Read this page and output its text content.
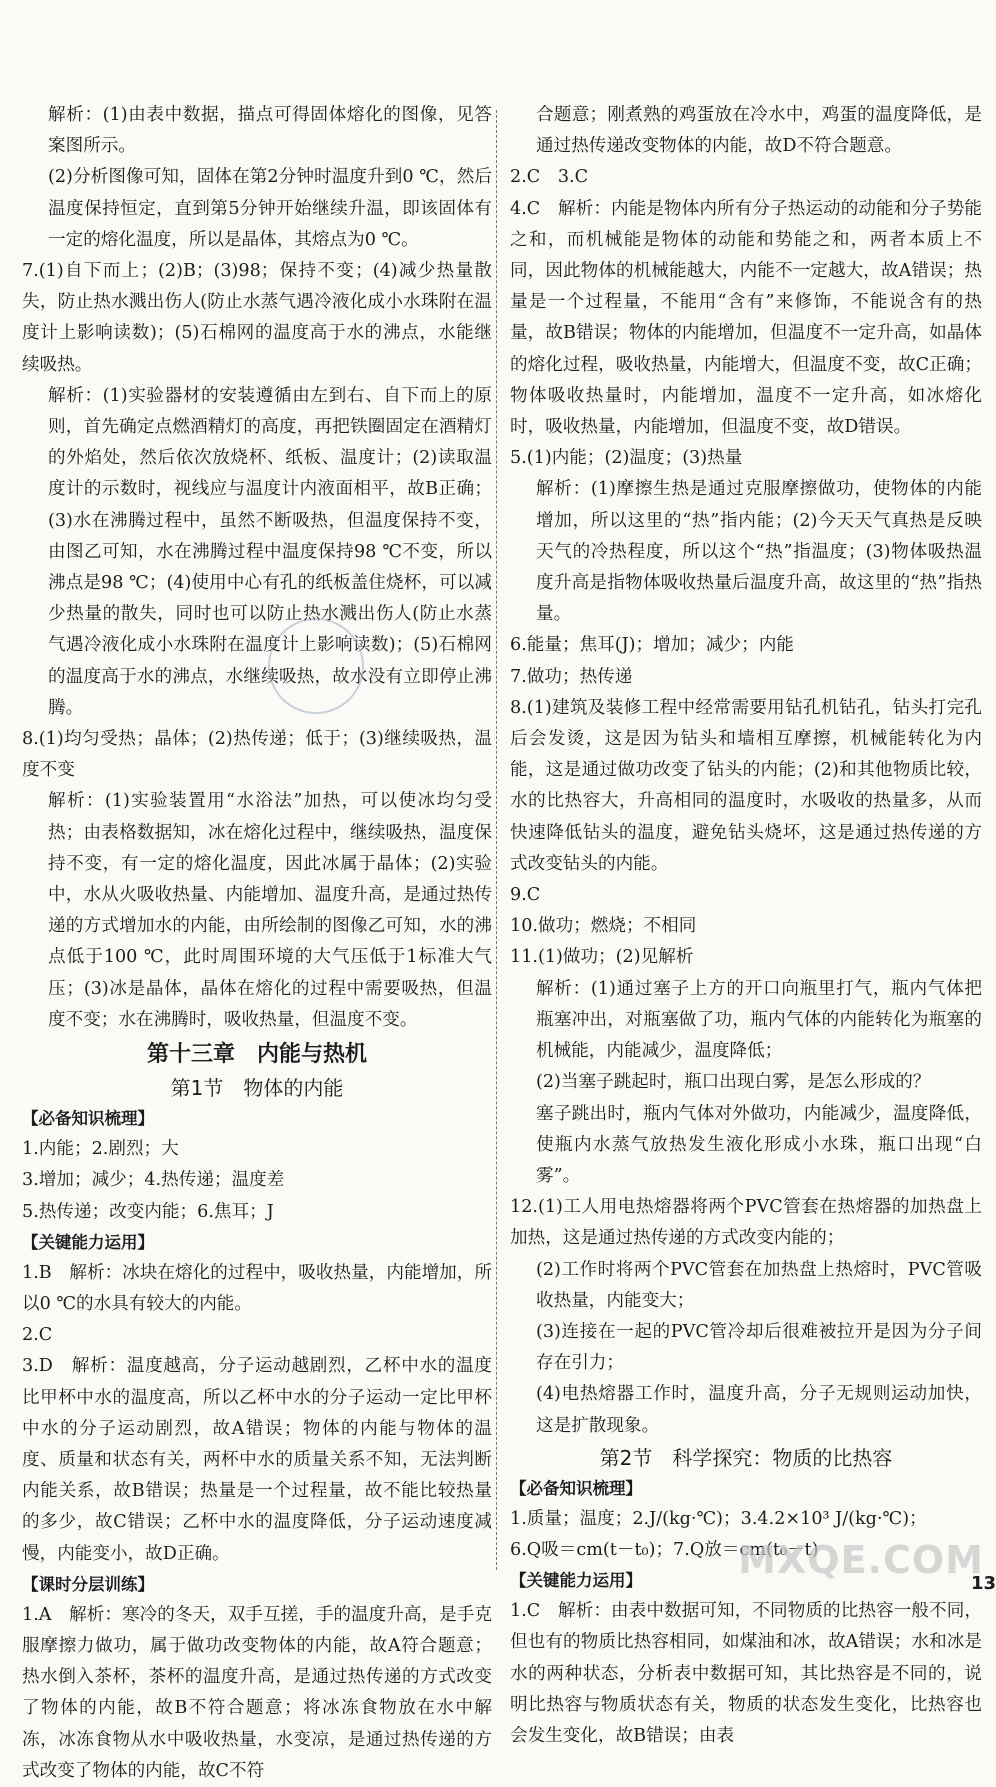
解析：(1)由表中数据，描点可得固体熔化的图像，见答案图所示。
(2)分析图像可知，固体在第2分钟时温度升到0 ℃，然后温度保持恒定，直到第5分钟开始继续升温，即该固体有一定的熔化温度，所以是晶体，其熔点为0 ℃。
7.(1)自下而上；(2)B；(3)98；保持不变；(4)减少热量散失，防止热水溅出伤人(防止水蒸气遇冷液化成小水珠附在温度计上影响读数)；(5)石棉网的温度高于水的沸点，水能继续吸热。
解析：(1)实验器材的安装遵循由左到右、自下而上的原则，首先确定点燃酒精灯的高度，再把铁圈固定在酒精灯的外焰处，然后依次放烧杯、纸板、温度计；(2)读取温度计的示数时，视线应与温度计内液面相平，故B正确；(3)水在沸腾过程中，虽然不断吸热，但温度保持不变，由图乙可知，水在沸腾过程中温度保持98 ℃不变，所以沸点是98 ℃；(4)使用中心有孔的纸板盖住烧杯，可以减少热量的散失，同时也可以防止热水溅出伤人(防止水蒸气遇冷液化成小水珠附在温度计上影响读数)；(5)石棉网的温度高于水的沸点，水继续吸热，故水没有立即停止沸腾。
8.(1)均匀受热；晶体；(2)热传递；低于；(3)继续吸热，温度不变
解析：(1)实验装置用“水浴法”加热，可以使冰均匀受热；由表格数据知，冰在熔化过程中，继续吸热，温度保持不变，有一定的熔化温度，因此冰属于晶体；(2)实验中，水从火吸收热量、内能增加、温度升高，是通过热传递的方式增加水的内能，由所绘制的图像乙可知，水的沸点低于100 ℃，此时周围环境的大气压低于1标准大气压；(3)冰是晶体，晶体在熔化的过程中需要吸热，但温度不变；水在沸腾时，吸收热量，但温度不变。
第十三章　内能与热机
第1节　物体的内能
【必备知识梳理】
1.内能；2.剧烈；大
3.增加；减少；4.热传递；温度差
5.热传递；改变内能；6.焦耳；J
【关键能力运用】
1.B　解析：冰块在熔化的过程中，吸收热量，内能增加，所以0 ℃的水具有较大的内能。
2.C
3.D　解析：温度越高，分子运动越剧烈，乙杯中水的温度比甲杯中水的温度高，所以乙杯中水的分子运动一定比甲杯中水的分子运动剧烈，故A错误；物体的内能与物体的温度、质量和状态有关，两杯中水的质量关系不知，无法判断内能关系，故B错误；热量是一个过程量，故不能比较热量的多少，故C错误；乙杯中水的温度降低，分子运动速度减慢，内能变小，故D正确。
【课时分层训练】
1.A　解析：寒冷的冬天，双手互搓，手的温度升高，是手克服摩擦力做功，属于做功改变物体的内能，故A符合题意；热水倒入茶杯，茶杯的温度升高，是通过热传递的方式改变了物体的内能，故B不符合题意；将冰冻食物放在水中解冻，冰冻食物从水中吸收热量，水变凉，是通过热传递的方式改变了物体的内能，故C不符
合题意；刚煮熟的鸡蛋放在冷水中，鸡蛋的温度降低，是通过热传递改变物体的内能，故D不符合题意。
2.C　3.C
4.C　解析：内能是物体内所有分子热运动的动能和分子势能之和，而机械能是物体的动能和势能之和，两者本质上不同，因此物体的机械能越大，内能不一定越大，故A错误；热量是一个过程量，不能用“含有”来修饰，不能说含有的热量，故B错误；物体的内能增加，但温度不一定升高，如晶体的熔化过程，吸收热量，内能增大，但温度不变，故C正确；物体吸收热量时，内能增加，温度不一定升高，如冰熔化时，吸收热量，内能增加，但温度不变，故D错误。
5.(1)内能；(2)温度；(3)热量
解析：(1)摩擦生热是通过克服摩擦做功，使物体的内能增加，所以这里的“热”指内能；(2)今天天气真热是反映天气的冷热程度，所以这个“热”指温度；(3)物体吸热温度升高是指物体吸收热量后温度升高，故这里的“热”指热量。
6.能量；焦耳(J)；增加；减少；内能
7.做功；热传递
8.(1)建筑及装修工程中经常需要用钻孔机钻孔，钻头打完孔后会发烫，这是因为钻头和墙相互摩擦，机械能转化为内能，这是通过做功改变了钻头的内能；(2)和其他物质比较，水的比热容大，升高相同的温度时，水吸收的热量多，从而快速降低钻头的温度，避免钻头烧坏，这是通过热传递的方式改变钻头的内能。
9.C
10.做功；燃烧；不相同
11.(1)做功；(2)见解析
解析：(1)通过塞子上方的开口向瓶里打气，瓶内气体把瓶塞冲出，对瓶塞做了功，瓶内气体的内能转化为瓶塞的机械能，内能减少，温度降低；
(2)当塞子跳起时，瓶口出现白雾，是怎么形成的？
塞子跳出时，瓶内气体对外做功，内能减少，温度降低，使瓶内水蒸气放热发生液化形成小水珠，瓶口出现“白雾”。
12.(1)工人用电热熔器将两个PVC管套在热熔器的加热盘上加热，这是通过热传递的方式改变内能的；
(2)工作时将两个PVC管套在加热盘上热熔时，PVC管吸收热量，内能变大；
(3)连接在一起的PVC管冷却后很难被拉开是因为分子间存在引力；
(4)电热熔器工作时，温度升高，分子无规则运动加快，这是扩散现象。
第2节　科学探究：物质的比热容
【必备知识梳理】
1.质量；温度；2.J/(kg·℃)；3.4.2×10³ J/(kg·℃)；
6.Q吸＝cm(t－t₀)；7.Q放＝cm(t₀－t)
【关键能力运用】
1.C　解析：由表中数据可知，不同物质的比热容一般不同，但也有的物质比热容相同，如煤油和冰，故A错误；水和冰是水的两种状态，分析表中数据可知，其比热容是不同的，说明比热容与物质状态有关，物质的状态发生变化，比热容也会发生变化，故B错误；由表
MXQE.COM
13
